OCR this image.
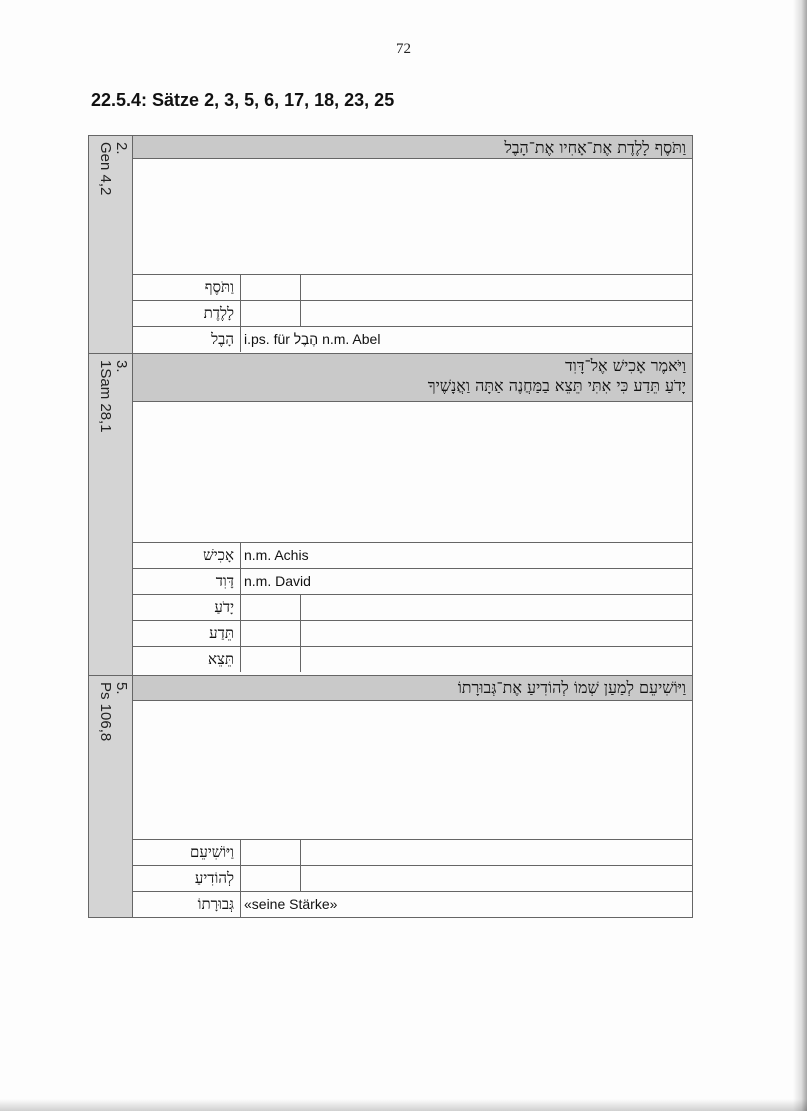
72
22.5.4: Sätze 2, 3, 5, 6, 17, 18, 23, 25
2.
Gen 4,2	וַתֹּסֶף לָלֶדֶת אֶת־אָחִיו אֶת־הָבֶל
וַתֹּסֶף
לָלֶדֶת
הָבֶל i.ps. für הֶבֶל n.m. Abel
3.
1Sam 28,1	וַיֹּאמֶר אָכִישׁ אֶל־דָּוִד
יָדֹעַ תֵּדַע כִּי אִתִּי תֵּצֵא בַמַּחֲנֶה אַתָּה וַאֲנָשֶׁיךָ
אָכִישׁ n.m. Achis
דָּוִד n.m. David
יָדֹעַ
תֵּדַע
תֵּצֵא
5.
Ps 106,8	וַיּוֹשִׁיעֵם לְמַעַן שְׁמוֹ לְהוֹדִיעַ אֶת־גְּבוּרָתוֹ
וַיּוֹשִׁיעֵם
לְהוֹדִיעַ
גְּבוּרָתוֹ «seine Stärke»
